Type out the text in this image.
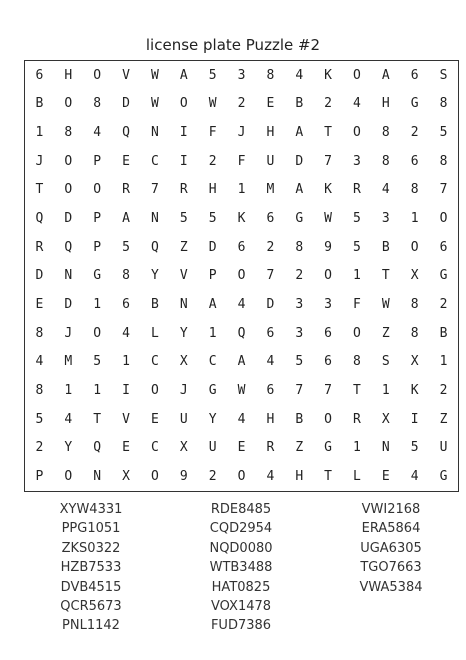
license plate Puzzle #2
6	H	O	V	W	A	5	3	8	4	K	O	A	6	S
B	O	8	D	W	O	W	2	E	B	2	4	H	G	8
1	8	4	Q	N	I	F	J	H	A	T	O	8	2	5
J	O	P	E	C	I	2	F	U	D	7	3	8	6	8
T	O	O	R	7	R	H	1	M	A	K	R	4	8	7
Q	D	P	A	N	5	5	K	6	G	W	5	3	1	O
R	Q	P	5	Q	Z	D	6	2	8	9	5	B	O	6
D	N	G	8	Y	V	P	O	7	2	O	1	T	X	G
E	D	1	6	B	N	A	4	D	3	3	F	W	8	2
8	J	O	4	L	Y	1	Q	6	3	6	O	Z	8	B
4	M	5	1	C	X	C	A	4	5	6	8	S	X	1
8	1	1	I	O	J	G	W	6	7	7	T	1	K	2
5	4	T	V	E	U	Y	4	H	B	O	R	X	I	Z
2	Y	Q	E	C	X	U	E	R	Z	G	1	N	5	U
P	O	N	X	O	9	2	O	4	H	T	L	E	4	G
XYW4331
PPG1051
ZKS0322
HZB7533
DVB4515
QCR5673
PNL1142
RDE8485
CQD2954
NQD0080
WTB3488
HAT0825
VOX1478
FUD7386
VWI2168
ERA5864
UGA6305
TGO7663
VWA5384
